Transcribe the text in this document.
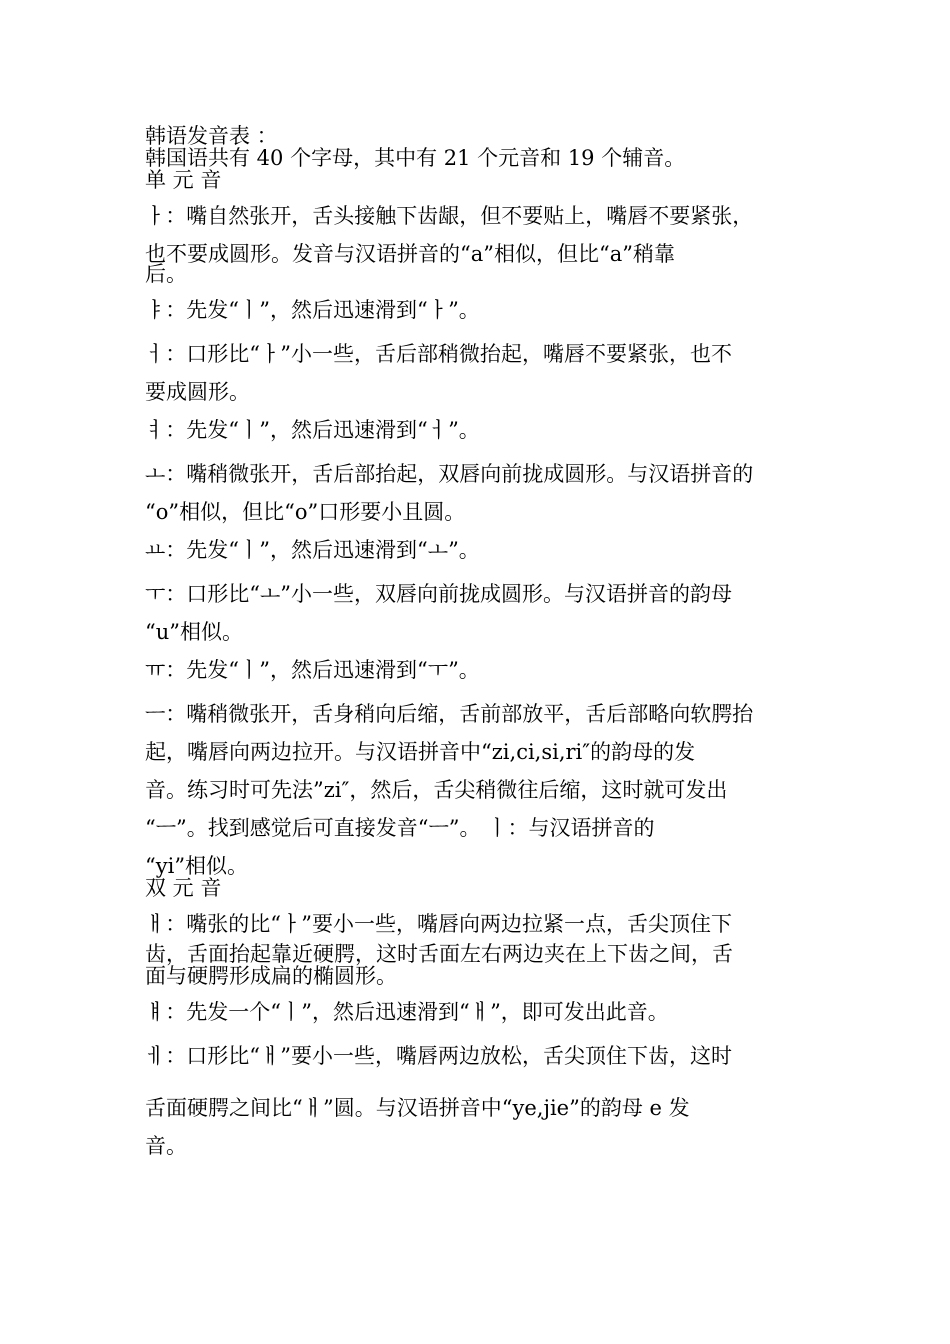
韩语发音表 ：

韩国语共有 40 个字母，其中有 21 个元音和 19 个辅音。

单 元 音

ㅏ：嘴自然张开，舌头接触下齿龈，但不要贴上，嘴唇不要紧张，

也不要成圆形。发音与汉语拼音的“a”相似，但比“a”稍靠

后。

ㅑ：先发“ㅣ”，然后迅速滑到“ㅏ”。

ㅓ：口形比“ㅏ”小一些，舌后部稍微抬起，嘴唇不要紧张，也不

要成圆形。

ㅕ：先发“ㅣ”，然后迅速滑到“ㅓ”。

ㅗ：嘴稍微张开，舌后部抬起，双唇向前拢成圆形。与汉语拼音的

“o”相似，但比“o”口形要小且圆。

ㅛ：先发“ㅣ”，然后迅速滑到“ㅗ”。

ㅜ：口形比“ㅗ”小一些，双唇向前拢成圆形。与汉语拼音的韵母

“u”相似。

ㅠ：先发“ㅣ”，然后迅速滑到“ㅜ”。

ㅡ：嘴稍微张开，舌身稍向后缩，舌前部放平，舌后部略向软腭抬

起，嘴唇向两边拉开。与汉语拼音中“zi,ci,si,ri″的韵母的发

音。练习时可先法”zi″，然后，舌尖稍微往后缩，这时就可发出

“ㅡ”。找到感觉后可直接发音“ㅡ”。 ㅣ：与汉语拼音的

“yi”相似。

双 元 音

ㅐ：嘴张的比“ㅏ”要小一些，嘴唇向两边拉紧一点，舌尖顶住下

齿，舌面抬起靠近硬腭，这时舌面左右两边夹在上下齿之间，舌

面与硬腭形成扁的椭圆形。

ㅒ：先发一个“ㅣ”，然后迅速滑到“ㅐ”，即可发出此音。

ㅔ：口形比“ㅐ”要小一些，嘴唇两边放松，舌尖顶住下齿，这时

舌面硬腭之间比“ㅐ”圆。与汉语拼音中“ye,jie”的韵母 e 发

音。
